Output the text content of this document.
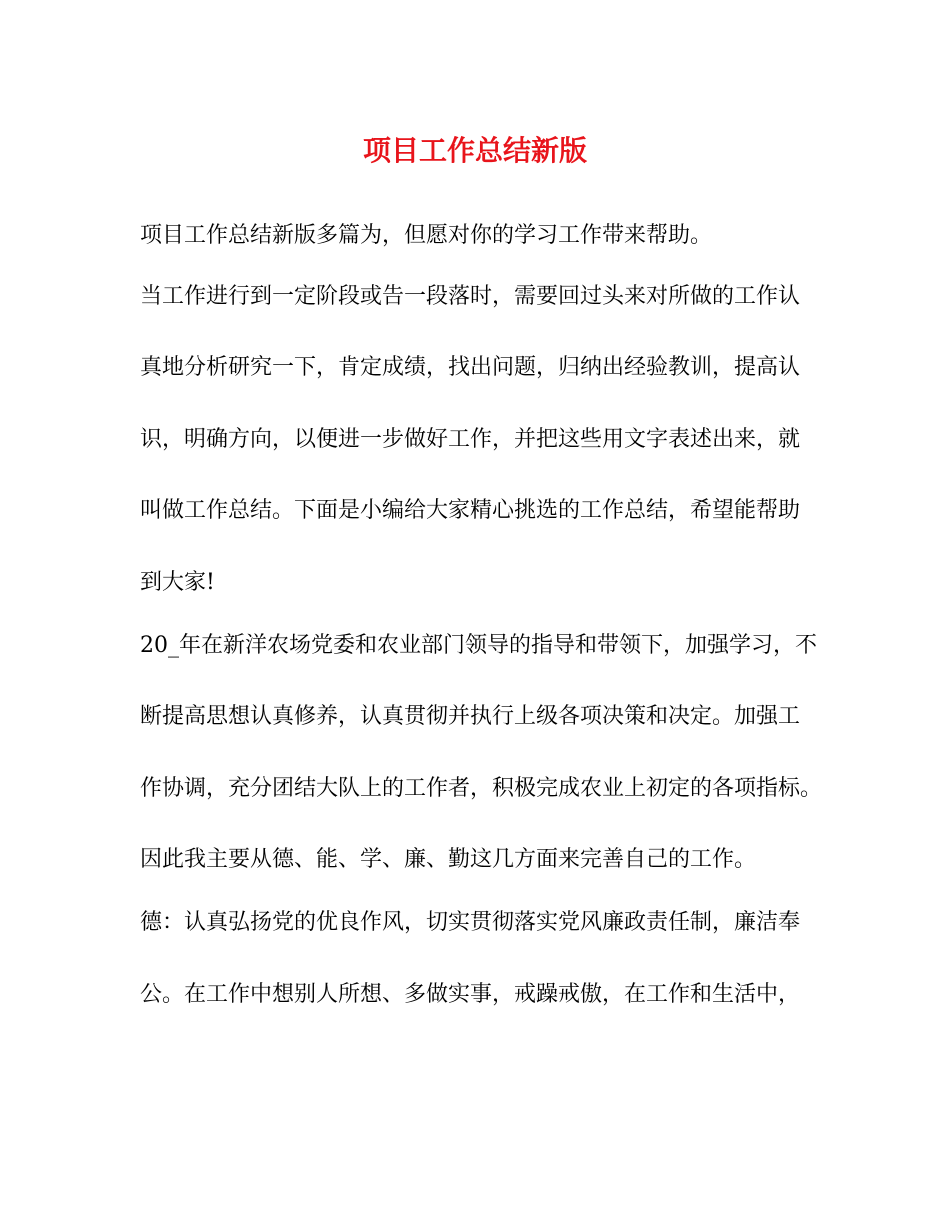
项目工作总结新版
项目工作总结新版多篇为，但愿对你的学习工作带来帮助。
当工作进行到一定阶段或告一段落时，需要回过头来对所做的工作认
真地分析研究一下，肯定成绩，找出问题，归纳出经验教训，提高认
识，明确方向，以便进一步做好工作，并把这些用文字表述出来，就
叫做工作总结。下面是小编给大家精心挑选的工作总结，希望能帮助
到大家!
20_年在新洋农场党委和农业部门领导的指导和带领下，加强学习，不
断提高思想认真修养，认真贯彻并执行上级各项决策和决定。加强工
作协调，充分团结大队上的工作者，积极完成农业上初定的各项指标。
因此我主要从德、能、学、廉、勤这几方面来完善自己的工作。
德：认真弘扬党的优良作风，切实贯彻落实党风廉政责任制，廉洁奉
公。在工作中想别人所想、多做实事，戒躁戒傲，在工作和生活中，
